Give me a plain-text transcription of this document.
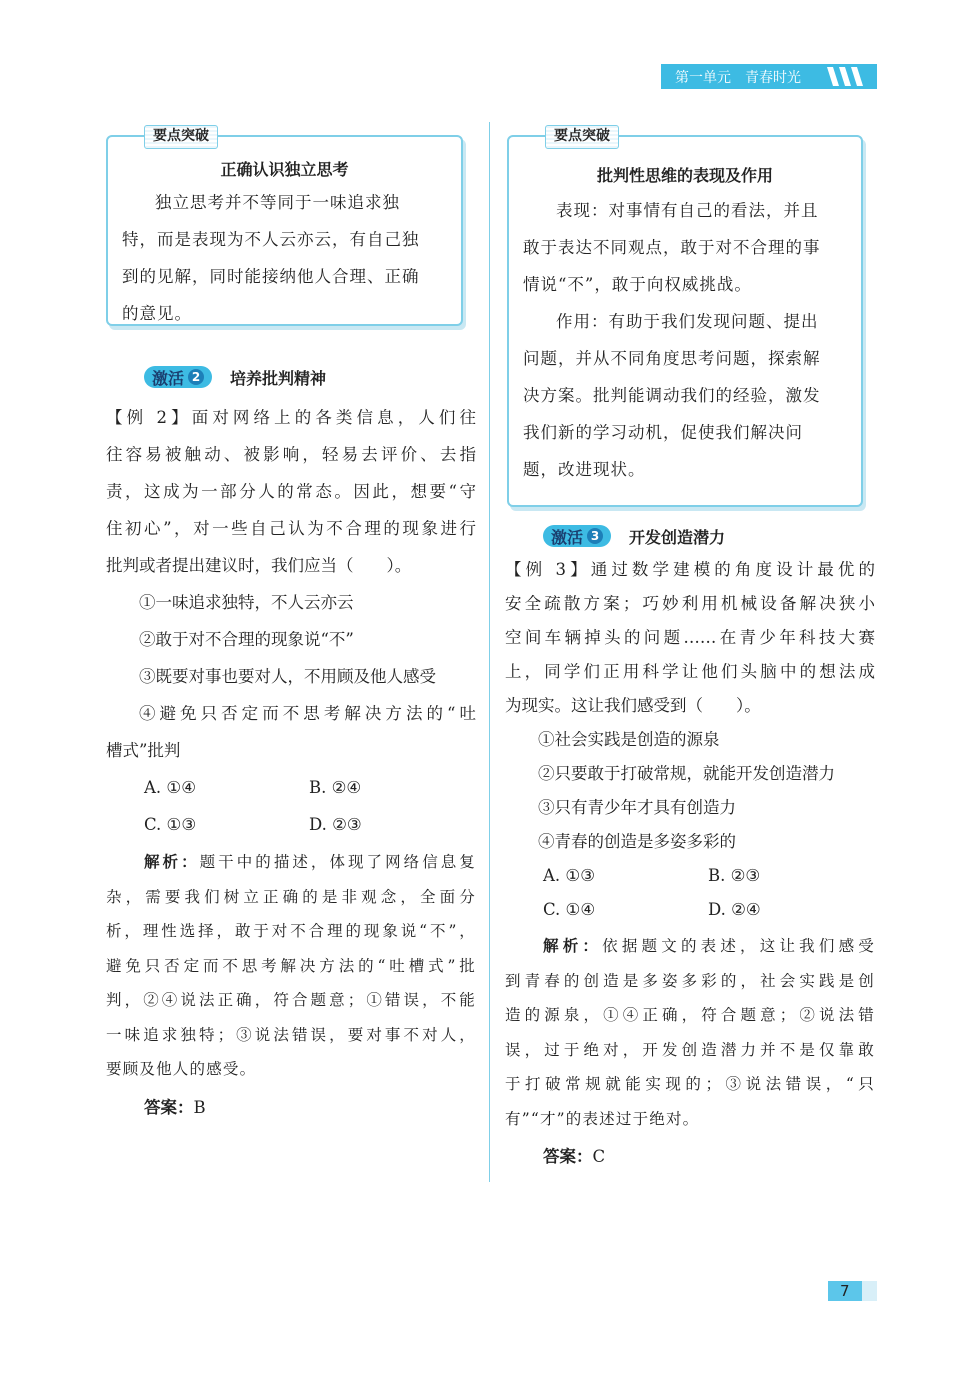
第一单元 青春时光
要点突破
正确认识独立思考

独立思考并不等同于一味追求独

特，而是表现为不人云亦云，有自己独

到的见解，同时能接纳他人合理、正确

的意见。

激活 2 培养批判精神

【例 2】面对网络上的各类信息，人们往

往容易被触动、被影响，轻易去评价、去指

责，这成为一部分人的常态。因此，想要“守

住初心”，对一些自己认为不合理的现象进行

批判或者提出建议时，我们应当（　　）。

①一味追求独特，不人云亦云

②敢于对不合理的现象说“不”

③既要对事也要对人，不用顾及他人感受

④避免只否定而不思考解决方法的“吐

槽式”批判

A. ①④	B. ②④
C. ①③	D. ②③

解析：题干中的描述，体现了网络信息复

杂，需要我们树立正确的是非观念，全面分

析，理性选择，敢于对不合理的现象说“不”，

避免只否定而不思考解决方法的“吐槽式”批

判，②④说法正确，符合题意；①错误，不能

一味追求独特；③说法错误，要对事不对人，

要顾及他人的感受。

答案：B

要点突破
批判性思维的表现及作用

表现：对事情有自己的看法，并且

敢于表达不同观点，敢于对不合理的事

情说“不”，敢于向权威挑战。

作用：有助于我们发现问题、提出

问题，并从不同角度思考问题，探索解

决方案。批判能调动我们的经验，激发

我们新的学习动机，促使我们解决问

题，改进现状。

激活 3 开发创造潜力

【例 3】通过数学建模的角度设计最优的

安全疏散方案；巧妙利用机械设备解决狭小

空间车辆掉头的问题……在青少年科技大赛

上，同学们正用科学让他们头脑中的想法成

为现实。这让我们感受到（　　）。

①社会实践是创造的源泉

②只要敢于打破常规，就能开发创造潜力

③只有青少年才具有创造力

④青春的创造是多姿多彩的

A. ①③	B. ②③
C. ①④	D. ②④

解析：依据题文的表述，这让我们感受

到青春的创造是多姿多彩的，社会实践是创

造的源泉，①④正确，符合题意；②说法错

误，过于绝对，开发创造潜力并不是仅靠敢

于打破常规就能实现的；③说法错误，“只

有”“才”的表述过于绝对。

答案：C

7
